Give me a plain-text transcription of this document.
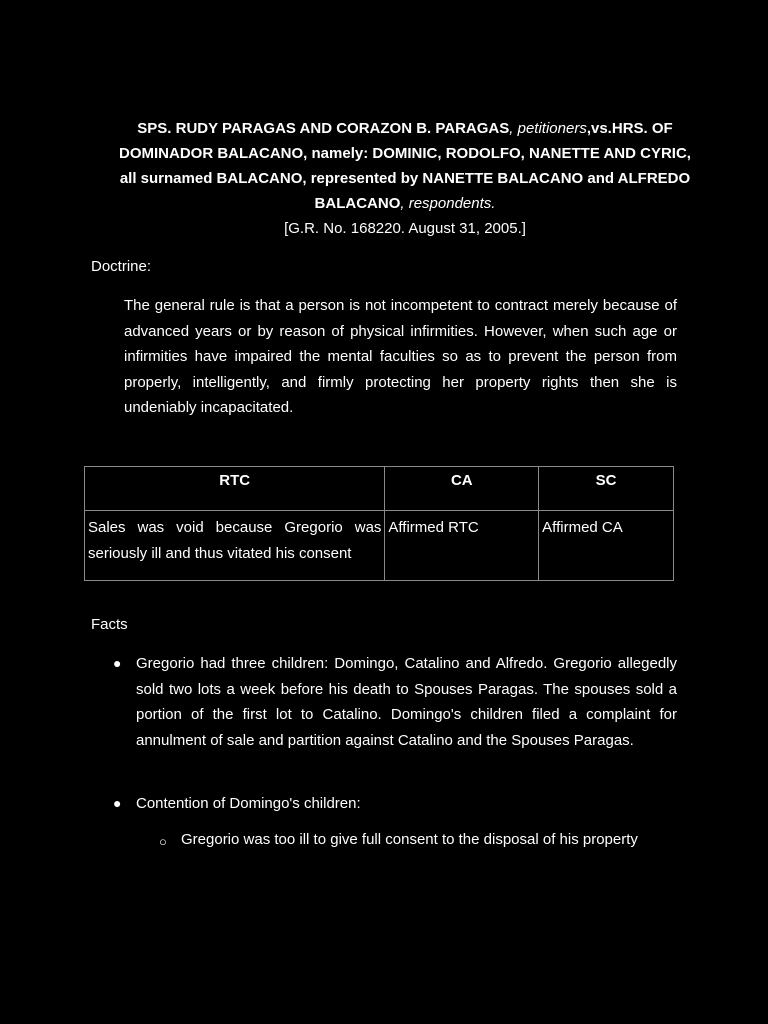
SPS. RUDY PARAGAS AND CORAZON B. PARAGAS, petitioners,vs.HRS. OF DOMINADOR BALACANO, namely: DOMINIC, RODOLFO, NANETTE AND CYRIC, all surnamed BALACANO, represented by NANETTE BALACANO and ALFREDO BALACANO, respondents.
[G.R. No. 168220. August 31, 2005.]
Doctrine:
The general rule is that a person is not incompetent to contract merely because of advanced years or by reason of physical infirmities. However, when such age or infirmities have impaired the mental faculties so as to prevent the person from properly, intelligently, and firmly protecting her property rights then she is undeniably incapacitated.
RTC	CA	SC
Sales was void because Gregorio was seriously ill and thus vitated his consent	Affirmed RTC	Affirmed CA
Facts
● Gregorio had three children: Domingo, Catalino and Alfredo. Gregorio allegedly sold two lots a week before his death to Spouses Paragas. The spouses sold a portion of the first lot to Catalino. Domingo's children filed a complaint for annulment of sale and partition against Catalino and the Spouses Paragas.
● Contention of Domingo's children:
○ Gregorio was too ill to give full consent to the disposal of his property
